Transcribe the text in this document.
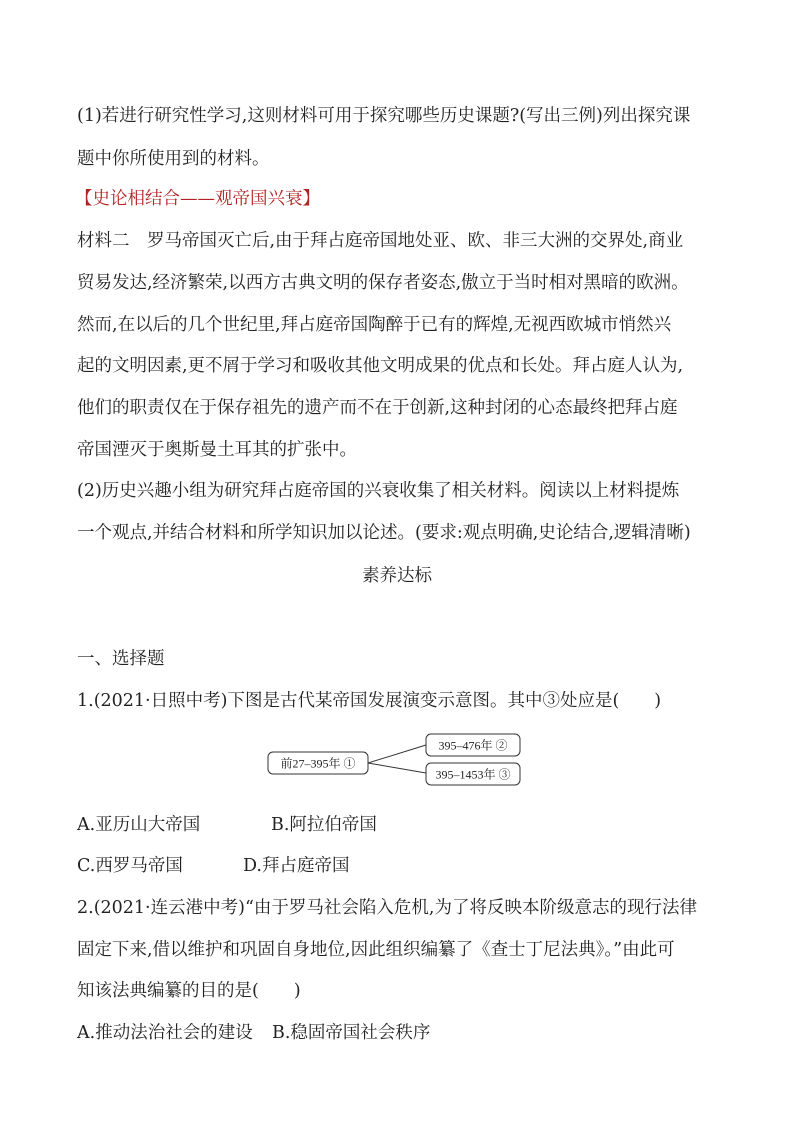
(1)若进行研究性学习,这则材料可用于探究哪些历史课题?(写出三例)列出探究课
题中你所使用到的材料。
【史论相结合——观帝国兴衰】
材料二　罗马帝国灭亡后,由于拜占庭帝国地处亚、欧、非三大洲的交界处,商业
贸易发达,经济繁荣,以西方古典文明的保存者姿态,傲立于当时相对黑暗的欧洲。
然而,在以后的几个世纪里,拜占庭帝国陶醉于已有的辉煌,无视西欧城市悄然兴
起的文明因素,更不屑于学习和吸收其他文明成果的优点和长处。拜占庭人认为,
他们的职责仅在于保存祖先的遗产而不在于创新,这种封闭的心态最终把拜占庭
帝国湮灭于奥斯曼土耳其的扩张中。
(2)历史兴趣小组为研究拜占庭帝国的兴衰收集了相关材料。阅读以上材料提炼
一个观点,并结合材料和所学知识加以论述。(要求:观点明确,史论结合,逻辑清晰)
素养达标
一、选择题
1.(2021·日照中考)下图是古代某帝国发展演变示意图。其中③处应是(　　)
前27–395年 ①
395–476年 ②
395–1453年 ③
A.亚历山大帝国	B.阿拉伯帝国
C.西罗马帝国	D.拜占庭帝国
2.(2021·连云港中考)“由于罗马社会陷入危机,为了将反映本阶级意志的现行法律
固定下来,借以维护和巩固自身地位,因此组织编纂了《查士丁尼法典》。”由此可
知该法典编纂的目的是(　　)
A.推动法治社会的建设 B.稳固帝国社会秩序
